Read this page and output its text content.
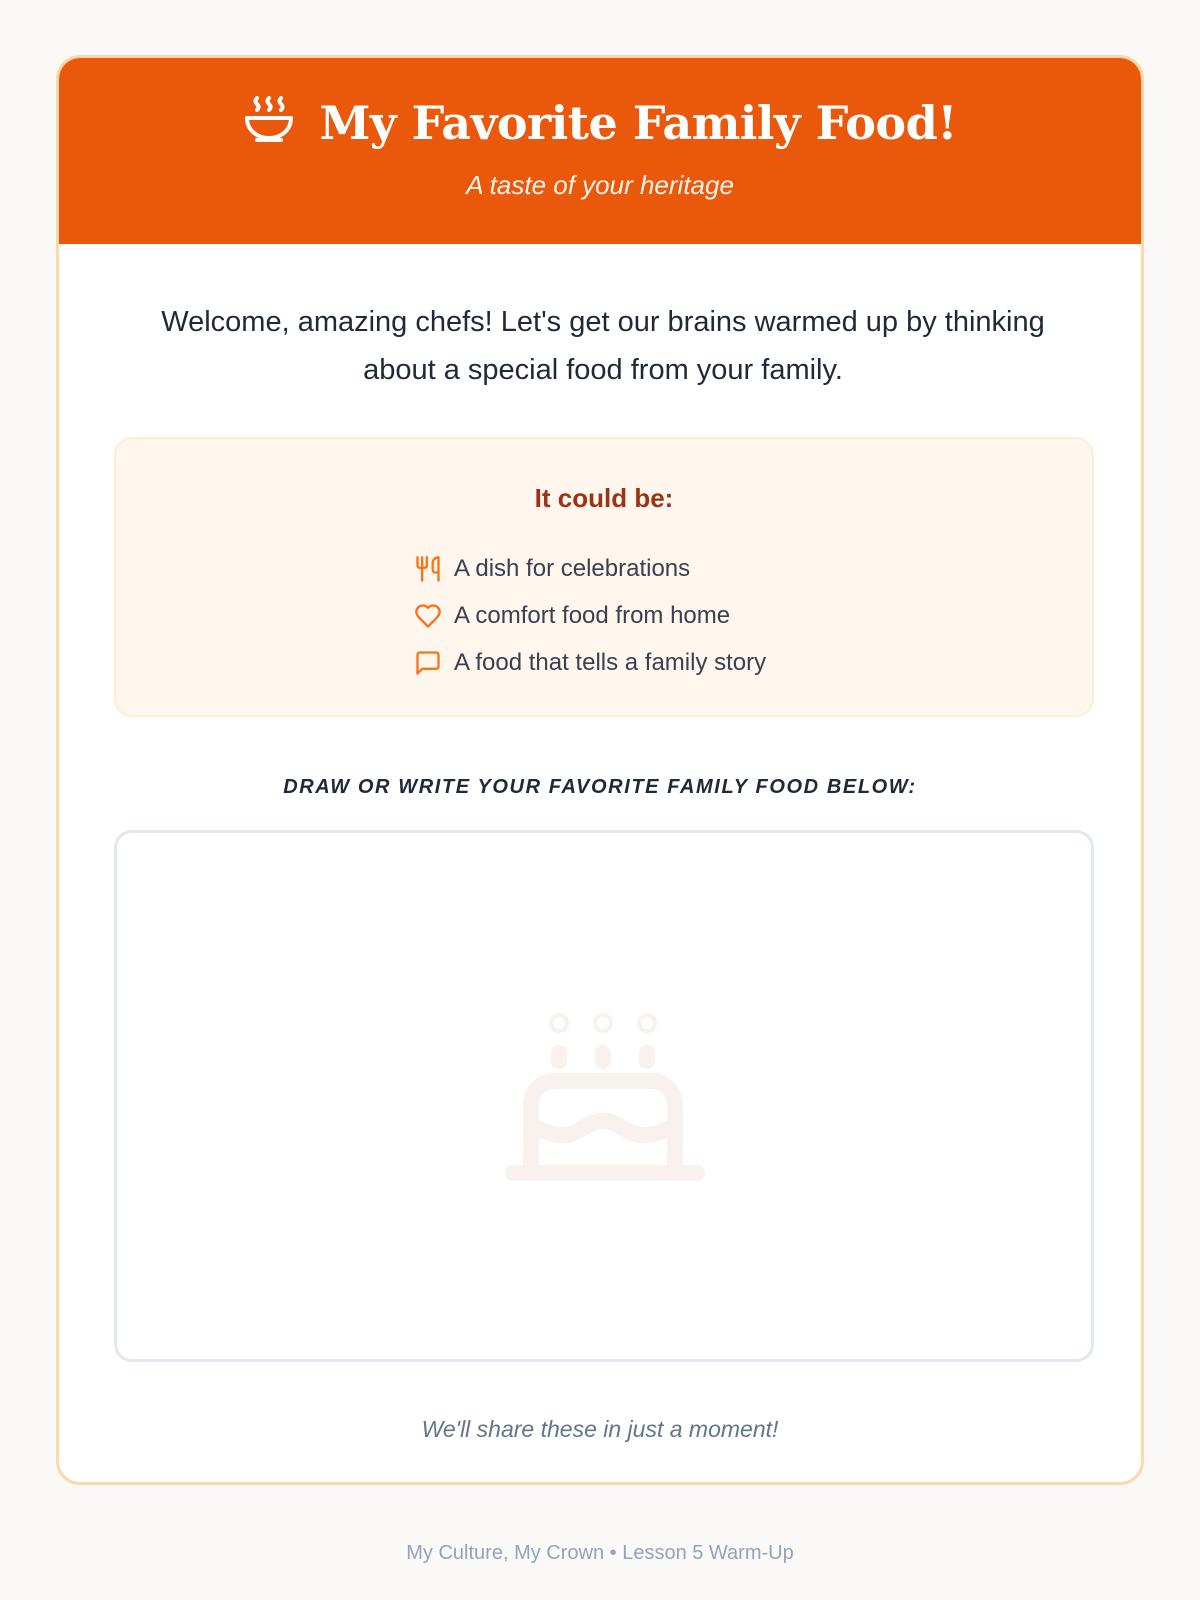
My Favorite Family Food!
A taste of your heritage
Welcome, amazing chefs! Let's get our brains warmed up by thinking about a special food from your family.
It could be:
A dish for celebrations
A comfort food from home
A food that tells a family story
DRAW OR WRITE YOUR FAVORITE FAMILY FOOD BELOW:
We'll share these in just a moment!
My Culture, My Crown • Lesson 5 Warm-Up
